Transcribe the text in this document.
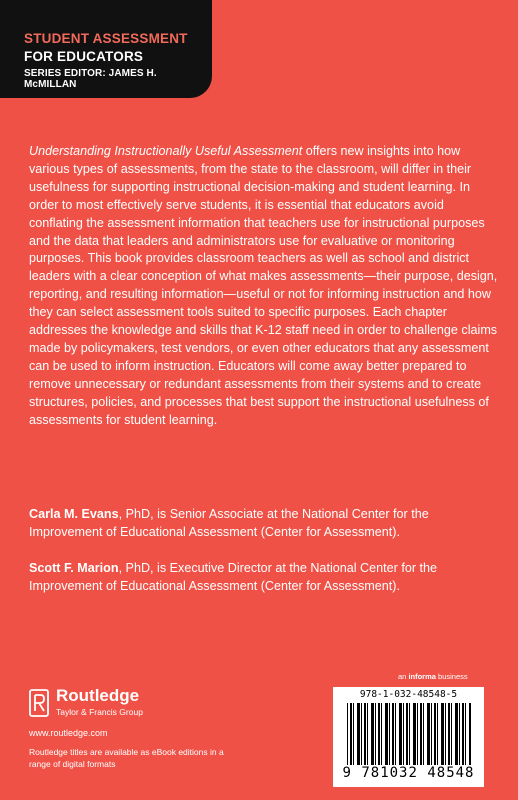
STUDENT ASSESSMENT
FOR EDUCATORS
SERIES EDITOR: JAMES H. McMILLAN

Understanding Instructionally Useful Assessment offers new insights into how various types of assessments, from the state to the classroom, will differ in their usefulness for supporting instructional decision-making and student learning. In order to most effectively serve students, it is essential that educators avoid conflating the assessment information that teachers use for instructional purposes and the data that leaders and administrators use for evaluative or monitoring purposes. This book provides classroom teachers as well as school and district leaders with a clear conception of what makes assessments—their purpose, design, reporting, and resulting information—useful or not for informing instruction and how they can select assessment tools suited to specific purposes. Each chapter addresses the knowledge and skills that K-12 staff need in order to challenge claims made by policymakers, test vendors, or even other educators that any assessment can be used to inform instruction. Educators will come away better prepared to remove unnecessary or redundant assessments from their systems and to create structures, policies, and processes that best support the instructional usefulness of assessments for student learning.

Carla M. Evans, PhD, is Senior Associate at the National Center for the Improvement of Educational Assessment (Center for Assessment).

Scott F. Marion, PhD, is Executive Director at the National Center for the Improvement of Educational Assessment (Center for Assessment).

an informa business
978-1-032-48548-5
9 781032 48548
Routledge
Taylor & Francis Group
www.routledge.com

Routledge titles are available as eBook editions in a range of digital formats
